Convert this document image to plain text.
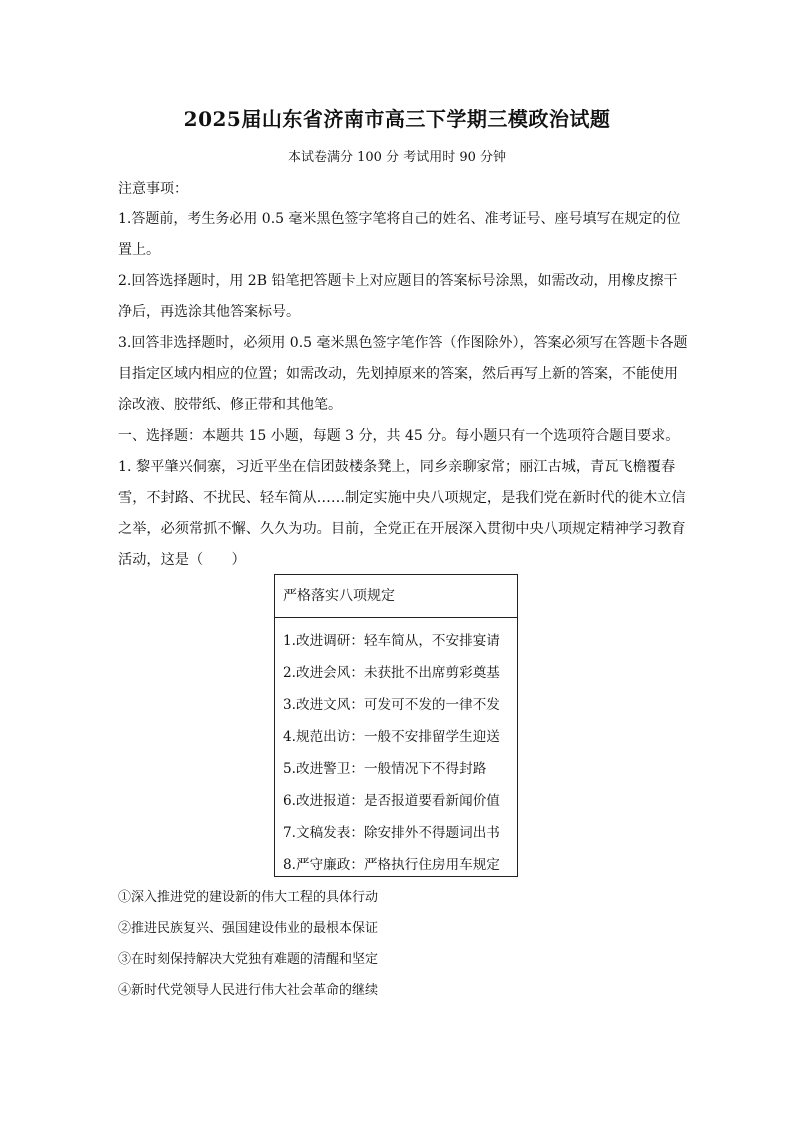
2025届山东省济南市高三下学期三模政治试题
本试卷满分 100 分 考试用时 90 分钟
注意事项：
1.答题前，考生务必用 0.5 毫米黑色签字笔将自己的姓名、准考证号、座号填写在规定的位
置上。
2.回答选择题时，用 2B 铅笔把答题卡上对应题目的答案标号涂黑，如需改动，用橡皮擦干
净后，再选涂其他答案标号。
3.回答非选择题时，必须用 0.5 毫米黑色签字笔作答（作图除外），答案必须写在答题卡各题
目指定区域内相应的位置；如需改动，先划掉原来的答案，然后再写上新的答案，不能使用
涂改液、胶带纸、修正带和其他笔。
一、选择题：本题共 15 小题，每题 3 分，共 45 分。每小题只有一个选项符合题目要求。
1. 黎平肇兴侗寨，习近平坐在信团鼓楼条凳上，同乡亲聊家常；丽江古城，青瓦飞檐覆春
雪，不封路、不扰民、轻车简从……制定实施中央八项规定，是我们党在新时代的徙木立信
之举，必须常抓不懈、久久为功。目前，全党正在开展深入贯彻中央八项规定精神学习教育
活动，这是（　　）
严格落实八项规定
1.改进调研：轻车简从，不安排宴请
2.改进会风：未获批不出席剪彩奠基
3.改进文风：可发可不发的一律不发
4.规范出访：一般不安排留学生迎送
5.改进警卫：一般情况下不得封路
6.改进报道：是否报道要看新闻价值
7.文稿发表：除安排外不得题词出书
8.严守廉政：严格执行住房用车规定
①深入推进党的建设新的伟大工程的具体行动
②推进民族复兴、强国建设伟业的最根本保证
③在时刻保持解决大党独有难题的清醒和坚定
④新时代党领导人民进行伟大社会革命的继续
